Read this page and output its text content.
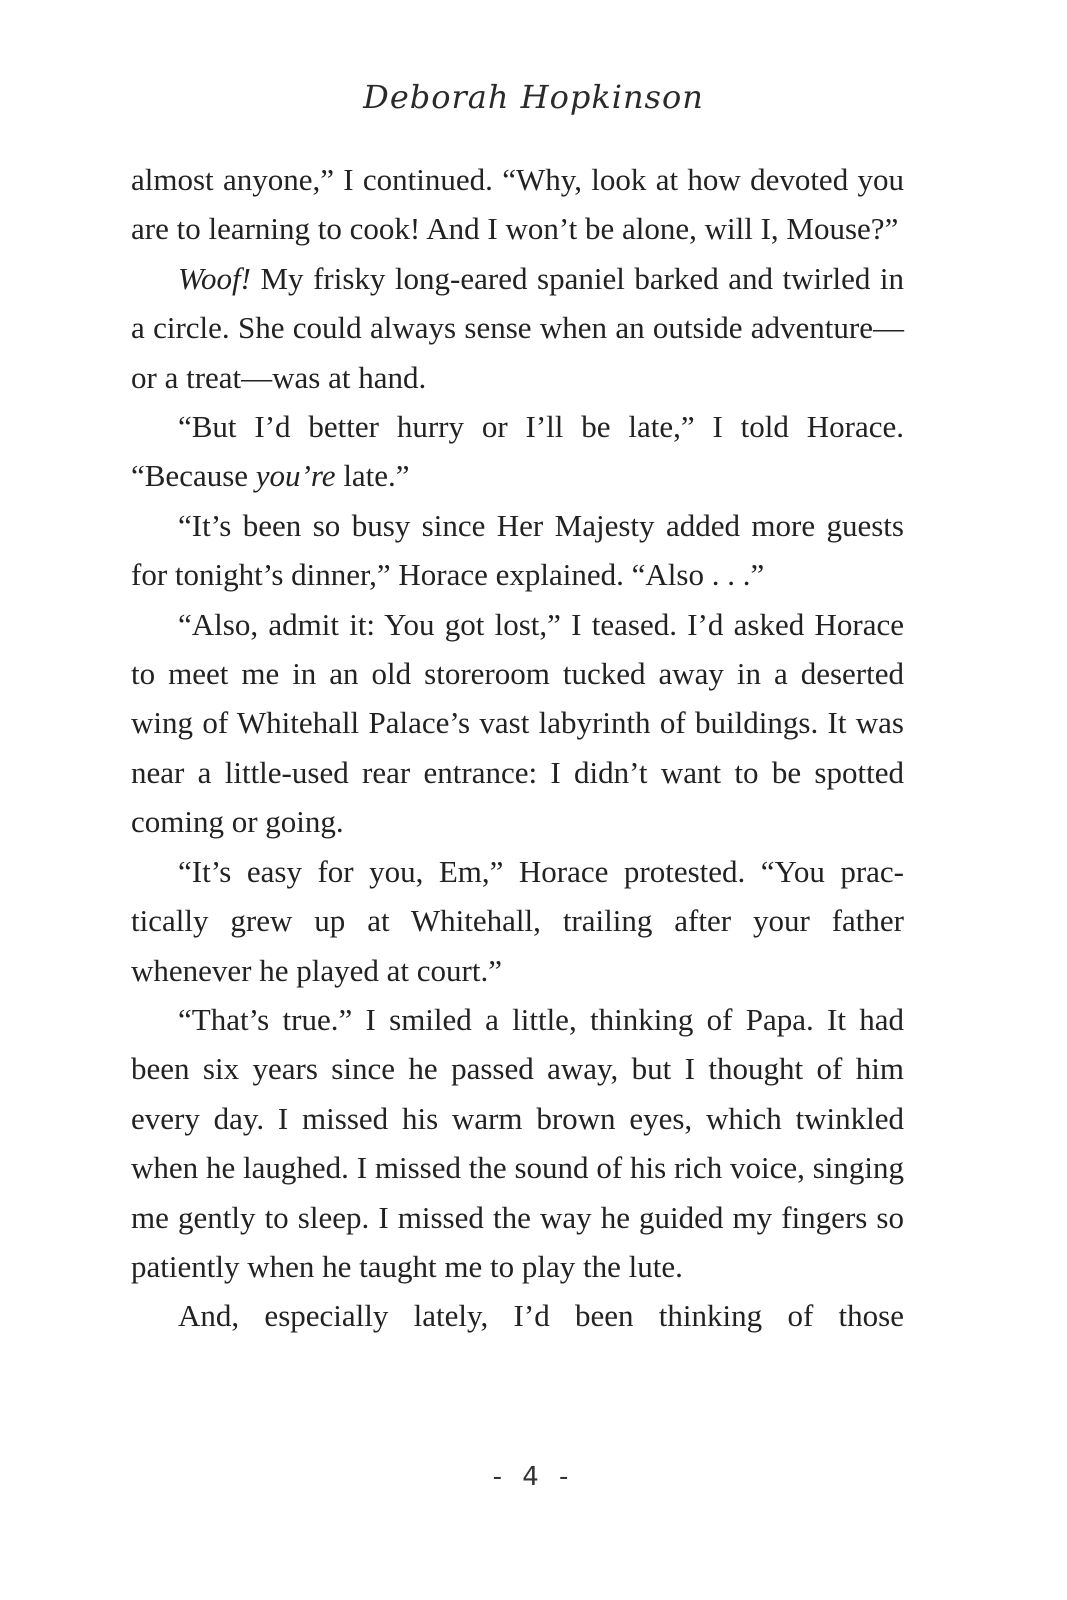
Deborah Hopkinson

almost anyone,” I continued. “Why, look at how devoted you are to learning to cook! And I won’t be alone, will I, Mouse?”

Woof! My frisky long-eared spaniel barked and twirled in a circle. She could always sense when an outside adventure—or a treat—was at hand.

“But I’d better hurry or I’ll be late,” I told Horace. “Because you’re late.”

“It’s been so busy since Her Majesty added more guests for tonight’s dinner,” Horace explained. “Also . . .”

“Also, admit it: You got lost,” I teased. I’d asked Horace to meet me in an old storeroom tucked away in a deserted wing of Whitehall Palace’s vast labyrinth of buildings. It was near a little-used rear entrance: I didn’t want to be spotted coming or going.

“It’s easy for you, Em,” Horace protested. “You practically grew up at Whitehall, trailing after your father whenever he played at court.”

“That’s true.” I smiled a little, thinking of Papa. It had been six years since he passed away, but I thought of him every day. I missed his warm brown eyes, which twinkled when he laughed. I missed the sound of his rich voice, singing me gently to sleep. I missed the way he guided my fingers so patiently when he taught me to play the lute.

And, especially lately, I’d been thinking of those

- 4 -
